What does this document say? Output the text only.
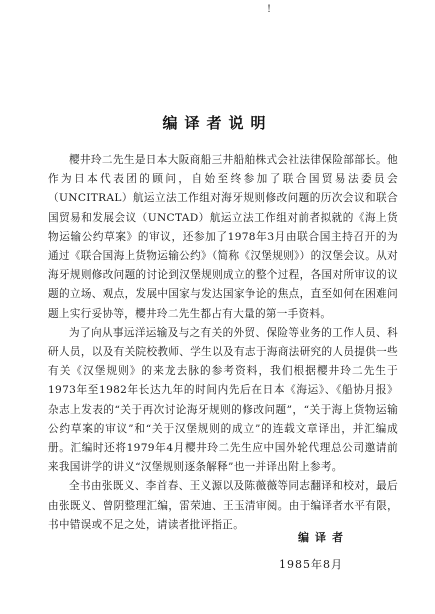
!
编译者说明

樱井玲二先生是日本大阪商船三井船舶株式会社法律保险部部长。他作为日本代表团的顾问，自始至终参加了联合国贸易法委员会（UNCITRAL）航运立法工作组对海牙规则修改问题的历次会议和联合国贸易和发展会议（UNCTAD）航运立法工作组对前者拟就的《海上货物运输公约草案》的审议，还参加了1978年3月由联合国主持召开的为通过《联合国海上货物运输公约》（简称《汉堡规则》）的汉堡会议。从对海牙规则修改问题的讨论到汉堡规则成立的整个过程，各国对所审议的议题的立场、观点，发展中国家与发达国家争论的焦点，直至如何在困难问题上实行妥协等，樱井玲二先生都占有大量的第一手资料。

为了向从事远洋运输及与之有关的外贸、保险等业务的工作人员、科研人员，以及有关院校教师、学生以及有志于海商法研究的人员提供一些有关《汉堡规则》的来龙去脉的参考资料，我们根据樱井玲二先生于1973年至1982年长达九年的时间内先后在日本《海运》、《船协月报》杂志上发表的“关于再次讨论海牙规则的修改问题”，“关于海上货物运输公约草案的审议”和“关于汉堡规则的成立”的连载文章译出，并汇编成册。汇编时还将1979年4月樱井玲二先生应中国外轮代理总公司邀请前来我国讲学的讲义“汉堡规则逐条解释”也一并译出附上参考。

全书由张既义、李首春、王义源以及陈薇薇等同志翻译和校对，最后由张既义、曾阴整理汇编，雷荣迪、王玉清审阅。由于编译者水平有限，书中错误或不足之处，请读者批评指正。

编译者
1985年8月
